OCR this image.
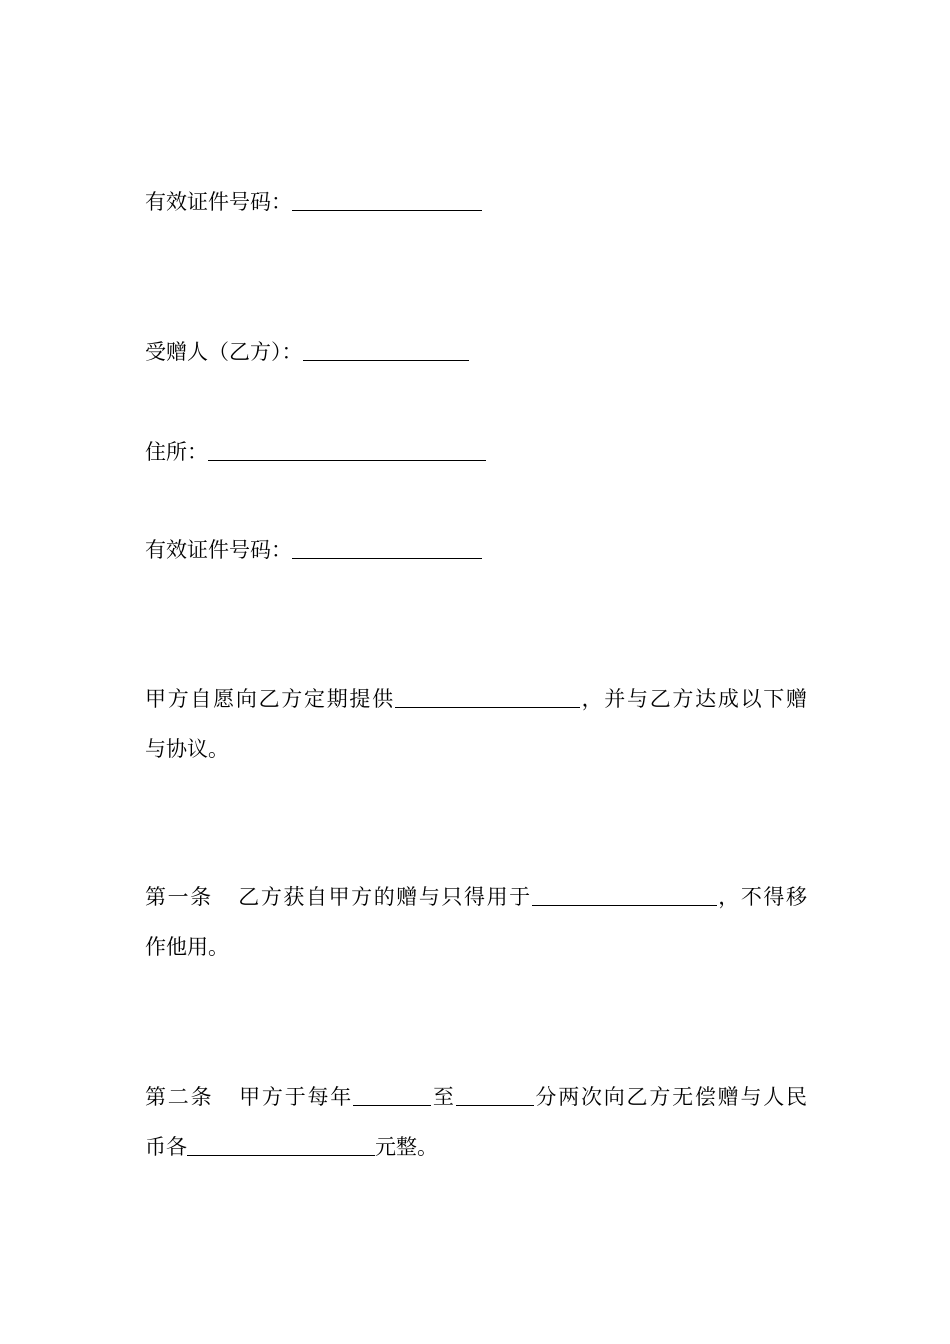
有效证件号码：
受赠人（乙方）：
住所：
有效证件号码：
甲方自愿向乙方定期提供	，并与乙方达成以下赠
与协议。
第一条 乙方获自甲方的赠与只得用于	，不得移
作他用。
第二条 甲方于每年	至	分两次向乙方无偿赠与人民
币各	元整。
